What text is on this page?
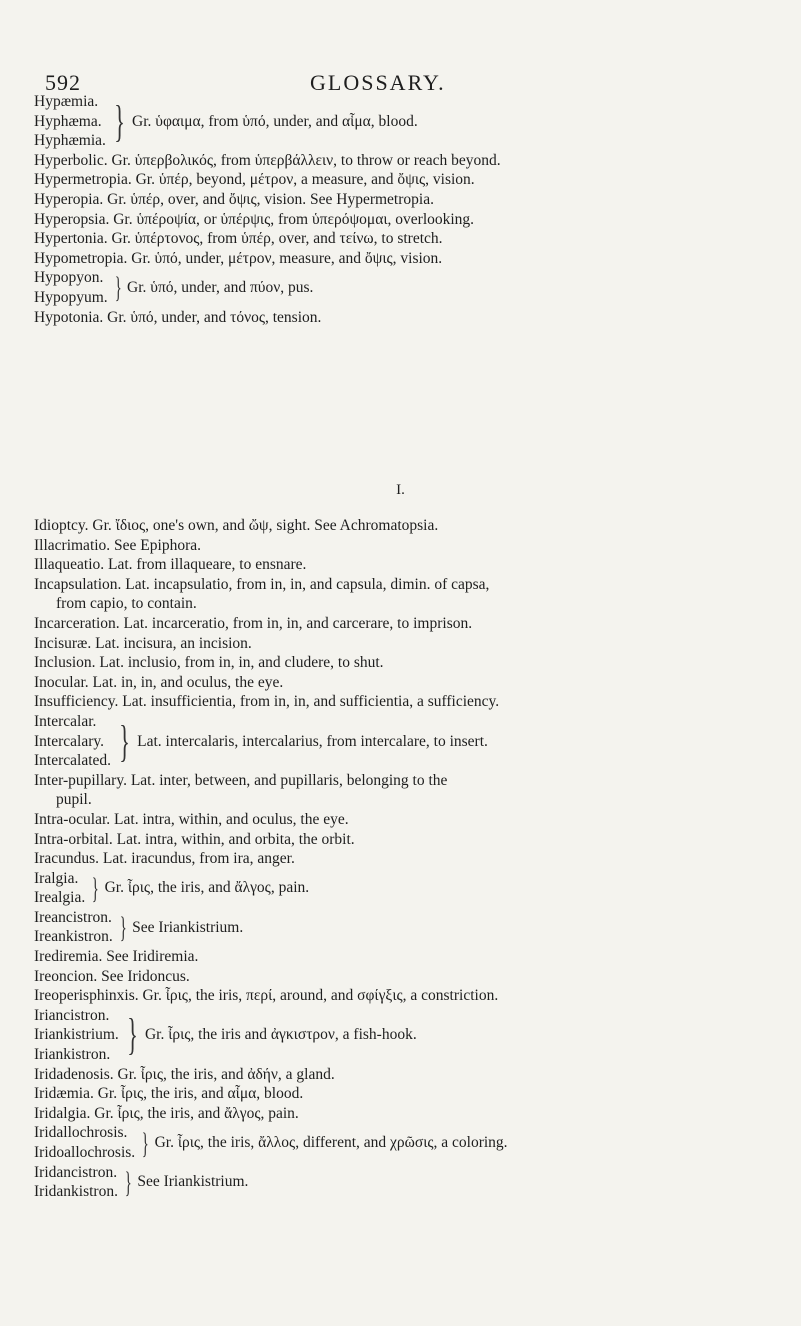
592	GLOSSARY.
Hypæmia.
Hyphæma.
Hyphæmia. } Gr. ὑφαιμα, from ὑπό, under, and αἷμα, blood.
Hyperbolic. Gr. ὑπερβολικός, from ὑπερβάλλειν, to throw or reach beyond.
Hypermetropia. Gr. ὑπέρ, beyond, μέτρον, a measure, and ὄψις, vision.
Hyperopia. Gr. ὑπέρ, over, and ὄψις, vision. See Hypermetropia.
Hyperopsia. Gr. ὑπέροψία, or ὑπέρψις, from ὑπερόψομαι, overlooking.
Hypertonia. Gr. ὑπέρτονος, from ὑπέρ, over, and τείνω, to stretch.
Hypometropia. Gr. ὑπό, under, μέτρον, measure, and ὄψις, vision.
Hypopyon.
Hypopyum. } Gr. ὑπό, under, and πύον, pus.
Hypotonia. Gr. ὑπό, under, and τόνος, tension.
I.
Idioptcy. Gr. ἴδιος, one's own, and ὤψ, sight. See Achromatopsia.
Illacrimatio. See Epiphora.
Illaqueatio. Lat. from illaqueare, to ensnare.
Incapsulation. Lat. incapsulatio, from in, in, and capsula, dimin. of capsa,
from capio, to contain.
Incarceration. Lat. incarceratio, from in, in, and carcerare, to imprison.
Incisuræ. Lat. incisura, an incision.
Inclusion. Lat. inclusio, from in, in, and cludere, to shut.
Inocular. Lat. in, in, and oculus, the eye.
Insufficiency. Lat. insufficientia, from in, in, and sufficientia, a sufficiency.
Intercalar.
Intercalary.
Intercalated. } Lat. intercalaris, intercalarius, from intercalare, to insert.
Inter-pupillary. Lat. inter, between, and pupillaris, belonging to the
pupil.
Intra-ocular. Lat. intra, within, and oculus, the eye.
Intra-orbital. Lat. intra, within, and orbita, the orbit.
Iracundus. Lat. iracundus, from ira, anger.
Iralgia.
Irealgia. } Gr. ἶρις, the iris, and ἄλγος, pain.
Ireancistron.
Ireankistron. } See Iriankistrium.
Irediremia. See Iridiremia.
Ireoncion. See Iridoncus.
Ireoperisphinxis. Gr. ἶρις, the iris, περί, around, and σφίγξις, a constriction.
Iriancistron.
Iriankistrium.
Iriankistron. } Gr. ἶρις, the iris and ἀγκιστρον, a fish-hook.
Iridadenosis. Gr. ἶρις, the iris, and ἀδήν, a gland.
Iridæmia. Gr. ἶρις, the iris, and αἷμα, blood.
Iridalgia. Gr. ἶρις, the iris, and ἄλγος, pain.
Iridallochrosis.
Iridoallochrosis. } Gr. ἶρις, the iris, ἄλλος, different, and χρῶσις, a coloring.
Iridancistron.
Iridankistron. } See Iriankistrium.
